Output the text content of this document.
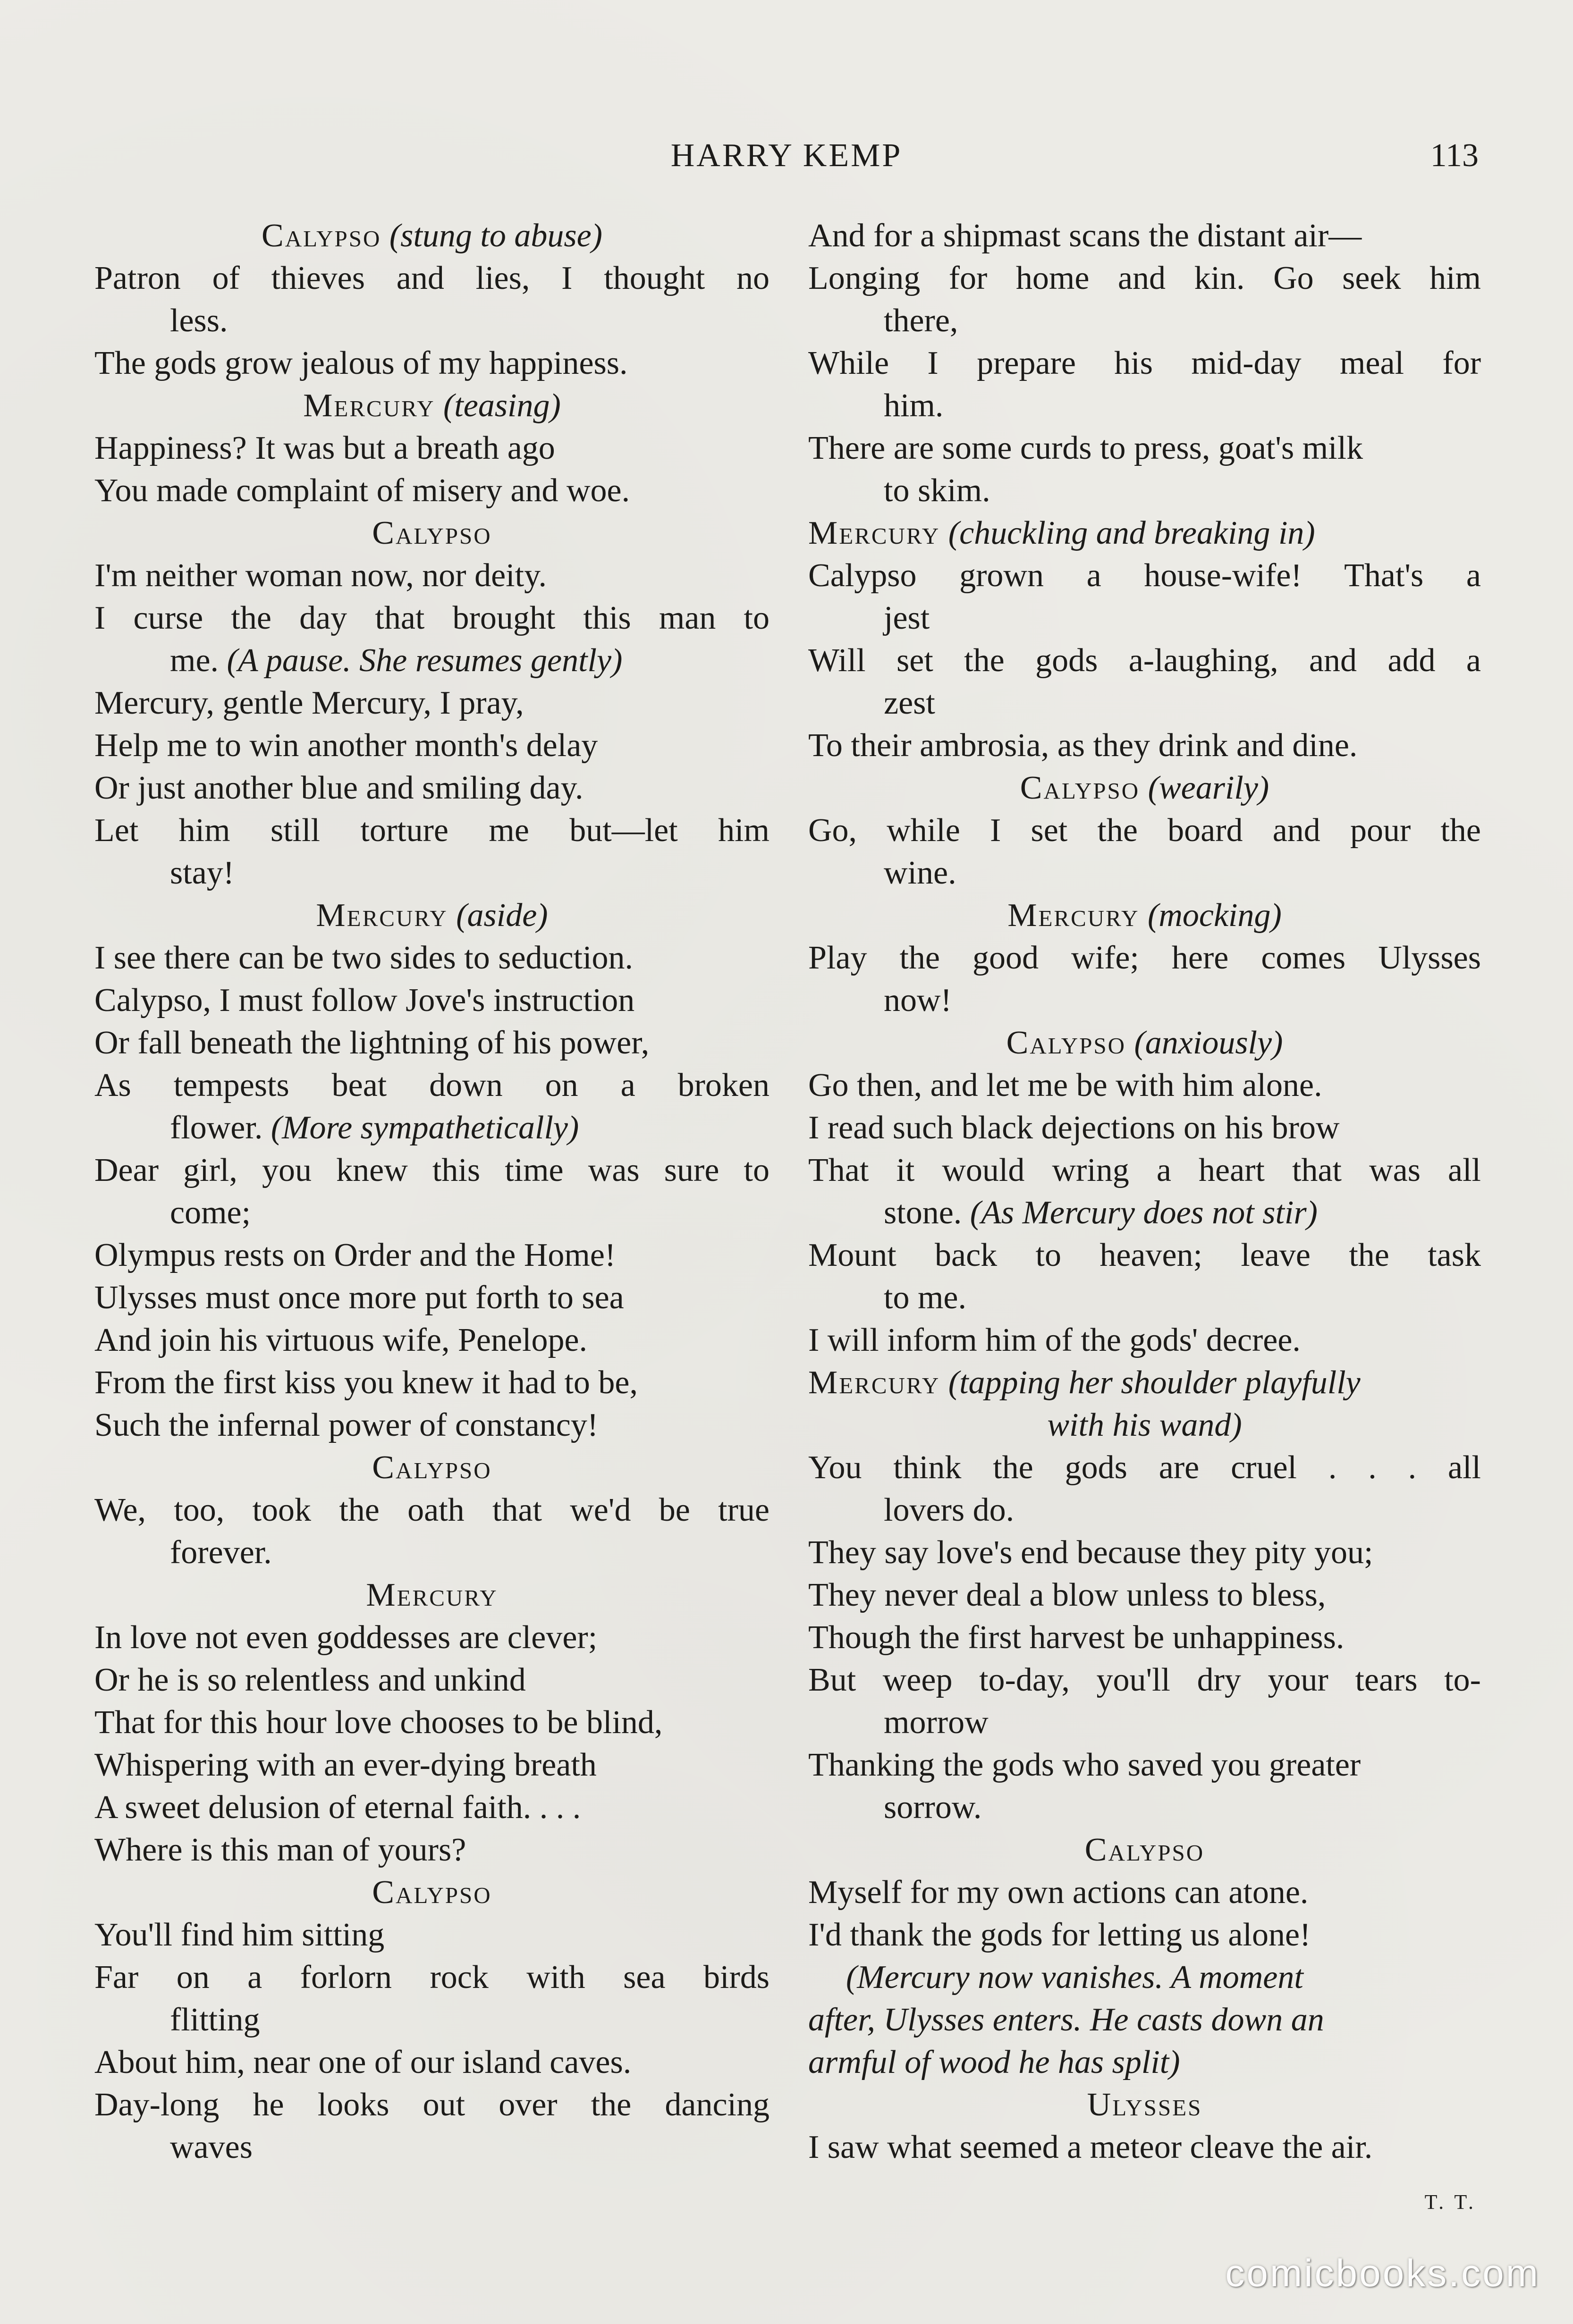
HARRY KEMP	113
Calypso (stung to abuse)
Patron of thieves and lies, I thought no
less.
The gods grow jealous of my happiness.
Mercury (teasing)
Happiness? It was but a breath ago
You made complaint of misery and woe.
Calypso
I'm neither woman now, nor deity.
I curse the day that brought this man to
me. (A pause. She resumes gently)
Mercury, gentle Mercury, I pray,
Help me to win another month's delay
Or just another blue and smiling day.
Let him still torture me but—let him
stay!
Mercury (aside)
I see there can be two sides to seduction.
Calypso, I must follow Jove's instruction
Or fall beneath the lightning of his power,
As tempests beat down on a broken
flower. (More sympathetically)
Dear girl, you knew this time was sure to
come;
Olympus rests on Order and the Home!
Ulysses must once more put forth to sea
And join his virtuous wife, Penelope.
From the first kiss you knew it had to be,
Such the infernal power of constancy!
Calypso
We, too, took the oath that we'd be true
forever.
Mercury
In love not even goddesses are clever;
Or he is so relentless and unkind
That for this hour love chooses to be blind,
Whispering with an ever-dying breath
A sweet delusion of eternal faith. . . .
Where is this man of yours?
Calypso
You'll find him sitting
Far on a forlorn rock with sea birds
flitting
About him, near one of our island caves.
Day-long he looks out over the dancing
waves
And for a shipmast scans the distant air—
Longing for home and kin. Go seek him
there,
While I prepare his mid-day meal for
him.
There are some curds to press, goat's milk
to skim.
Mercury (chuckling and breaking in)
Calypso grown a house-wife! That's a
jest
Will set the gods a-laughing, and add a
zest
To their ambrosia, as they drink and dine.
Calypso (wearily)
Go, while I set the board and pour the
wine.
Mercury (mocking)
Play the good wife; here comes Ulysses
now!
Calypso (anxiously)
Go then, and let me be with him alone.
I read such black dejections on his brow
That it would wring a heart that was all
stone. (As Mercury does not stir)
Mount back to heaven; leave the task
to me.
I will inform him of the gods' decree.
Mercury (tapping her shoulder playfully
with his wand)
You think the gods are cruel . . . all
lovers do.
They say love's end because they pity you;
They never deal a blow unless to bless,
Though the first harvest be unhappiness.
But weep to-day, you'll dry your tears to-
morrow
Thanking the gods who saved you greater
sorrow.
Calypso
Myself for my own actions can atone.
I'd thank the gods for letting us alone!
(Mercury now vanishes. A moment
after, Ulysses enters. He casts down an
armful of wood he has split)
Ulysses
I saw what seemed a meteor cleave the air.
T. T.
comicbooks.com
